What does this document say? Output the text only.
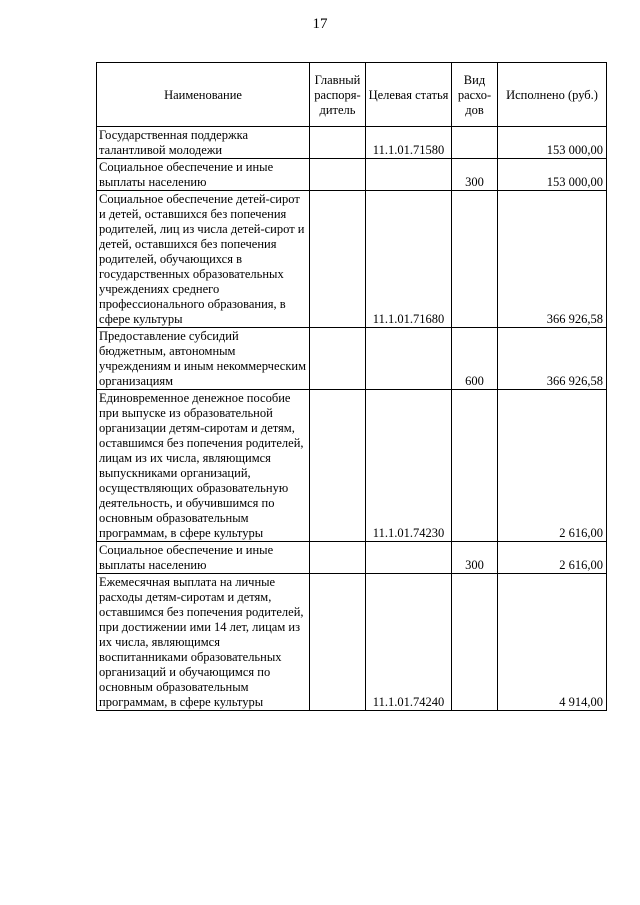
17
Наименование	Главный распоря-дитель	Целевая статья	Вид расхо-дов	Исполнено (руб.)
Государственная поддержка талантливой молодежи		11.1.01.71580		153 000,00
Социальное обеспечение и иные выплаты населению			300	153 000,00
Социальное обеспечение детей-сирот и детей, оставшихся без попечения родителей, лиц из числа детей-сирот и детей, оставшихся без попечения родителей, обучающихся в государственных образовательных учреждениях среднего профессионального образования, в сфере культуры		11.1.01.71680		366 926,58
Предоставление субсидий бюджетным, автономным учреждениям и иным некоммерческим организациям			600	366 926,58
Единовременное денежное пособие при выпуске из образовательной организации детям-сиротам и детям, оставшимся без попечения родителей, лицам из их числа, являющимся выпускниками организаций, осуществляющих образовательную деятельность, и обучившимся по основным образовательным программам, в сфере культуры		11.1.01.74230		2 616,00
Социальное обеспечение и иные выплаты населению			300	2 616,00
Ежемесячная выплата на личные расходы детям-сиротам и детям, оставшимся без попечения родителей, при достижении ими 14 лет, лицам из их числа, являющимся воспитанниками образовательных организаций и обучающимся по основным образовательным программам, в сфере культуры		11.1.01.74240		4 914,00
